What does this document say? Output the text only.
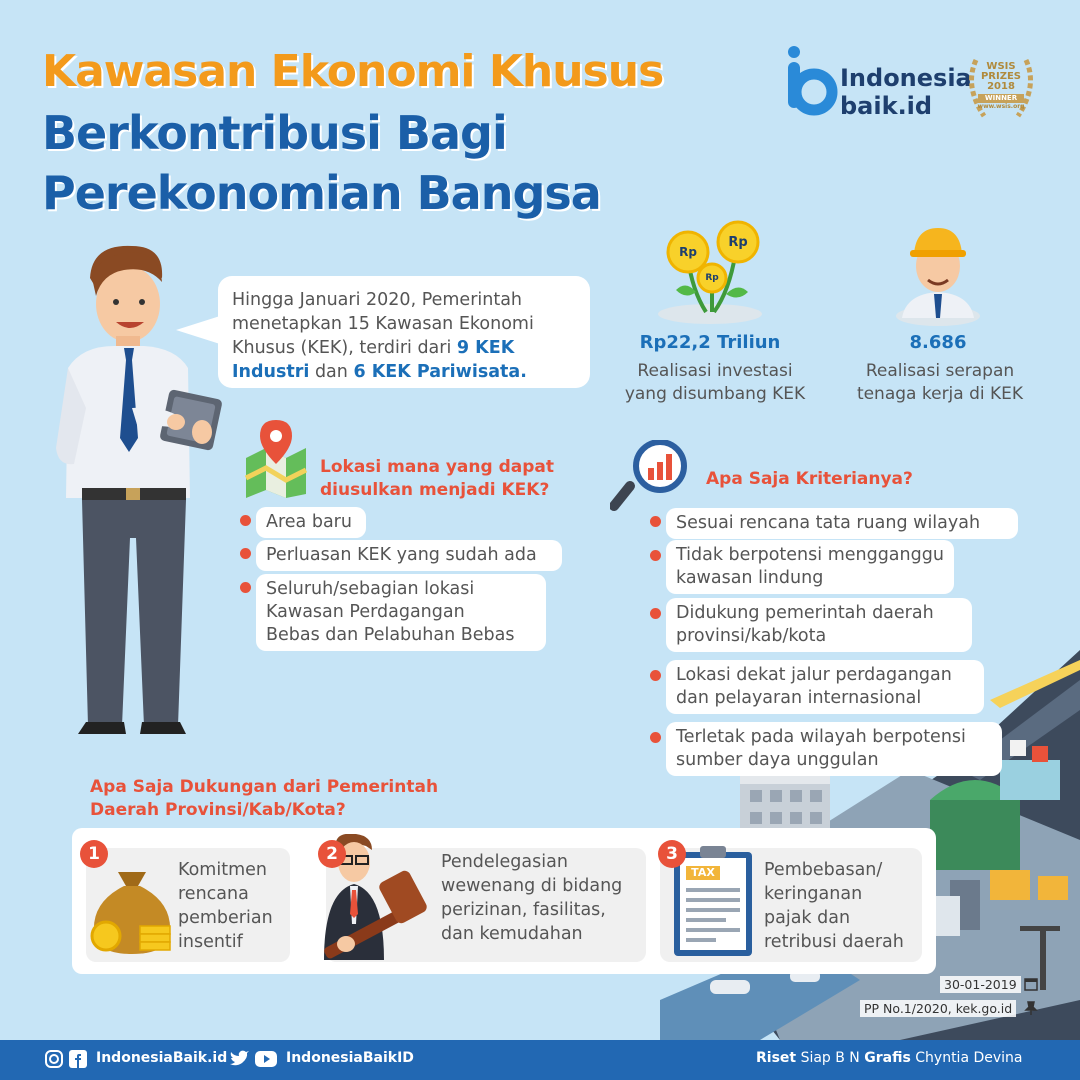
Kawasan Ekonomi Khusus
Berkontribusi Bagi
Perekonomian Bangsa
Indonesia
baik.id
WSIS
PRIZES
2018
WINNER
www.wsis.org
Hingga Januari 2020, Pemerintah menetapkan 15 Kawasan Ekonomi Khusus (KEK), terdiri dari 9 KEK Industri dan 6 KEK Pariwisata.
Rp
Rp
Rp
Rp22,2 Triliun
Realisasi investasi
yang disumbang KEK
8.686
Realisasi serapan
tenaga kerja di KEK
Lokasi mana yang dapat
diusulkan menjadi KEK?
Area baru
Perluasan KEK yang sudah ada
Seluruh/sebagian lokasi
Kawasan Perdagangan
Bebas dan Pelabuhan Bebas
Apa Saja Kriterianya?
Sesuai rencana tata ruang wilayah
Tidak berpotensi mengganggu
kawasan lindung
Didukung pemerintah daerah
provinsi/kab/kota
Lokasi dekat jalur perdagangan
dan pelayaran internasional
Terletak pada wilayah berpotensi
sumber daya unggulan
Apa Saja Dukungan dari Pemerintah
Daerah Provinsi/Kab/Kota?
1
Komitmen
rencana
pemberian
insentif
2	Pendelegasian
wewenang di bidang
perizinan, fasilitas,
dan kemudahan
TAX
3
Pembebasan/
keringanan
pajak dan
retribusi daerah
30-01-2019
PP No.1/2020, kek.go.id
IndonesiaBaik.id	IndonesiaBaikID	Riset Siap B N Grafis Chyntia Devina
